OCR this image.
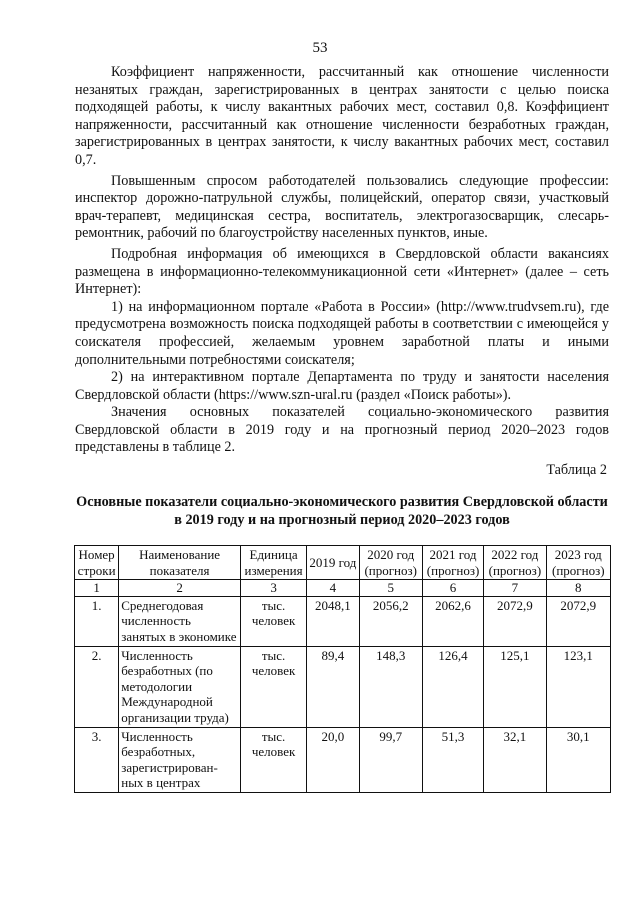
53

Коэффициент напряженности, рассчитанный как отношение численности незанятых граждан, зарегистрированных в центрах занятости с целью поиска подходящей работы, к числу вакантных рабочих мест, составил 0,8. Коэффициент напряженности, рассчитанный как отношение численности безработных граждан, зарегистрированных в центрах занятости, к числу вакантных рабочих мест, составил 0,7.

Повышенным спросом работодателей пользовались следующие профессии: инспектор дорожно-патрульной службы, полицейский, оператор связи, участковый врач-терапевт, медицинская сестра, воспитатель, электрогазосварщик, слесарь-ремонтник, рабочий по благоустройству населенных пунктов, иные.

Подробная информация об имеющихся в Свердловской области вакансиях размещена в информационно-телекоммуникационной сети «Интернет» (далее – сеть Интернет):

1) на информационном портале «Работа в России» (http://www.trudvsem.ru), где предусмотрена возможность поиска подходящей работы в соответствии с имеющейся у соискателя профессией, желаемым уровнем заработной платы и иными дополнительными потребностями соискателя;

2) на интерактивном портале Департамента по труду и занятости населения Свердловской области (https://www.szn-ural.ru (раздел «Поиск работы»).

Значения основных показателей социально-экономического развития Свердловской области в 2019 году и на прогнозный период 2020–2023 годов представлены в таблице 2.

Таблица 2
Основные показатели социально-экономического развития Свердловской области в 2019 году и на прогнозный период 2020–2023 годов
Номер строки	Наименование показателя	Единица измерения	2019 год	2020 год (прогноз)	2021 год (прогноз)	2022 год (прогноз)	2023 год (прогноз)
1	2	3	4	5	6	7	8
1.	Среднегодовая численность занятых в экономике	тыс. человек	2048,1	2056,2	2062,6	2072,9	2072,9
2.	Численность безработных (по методологии Международной организации труда)	тыс. человек	89,4	148,3	126,4	125,1	123,1
3.	Численность безработных, зарегистрирован-ных в центрах	тыс. человек	20,0	99,7	51,3	32,1	30,1
